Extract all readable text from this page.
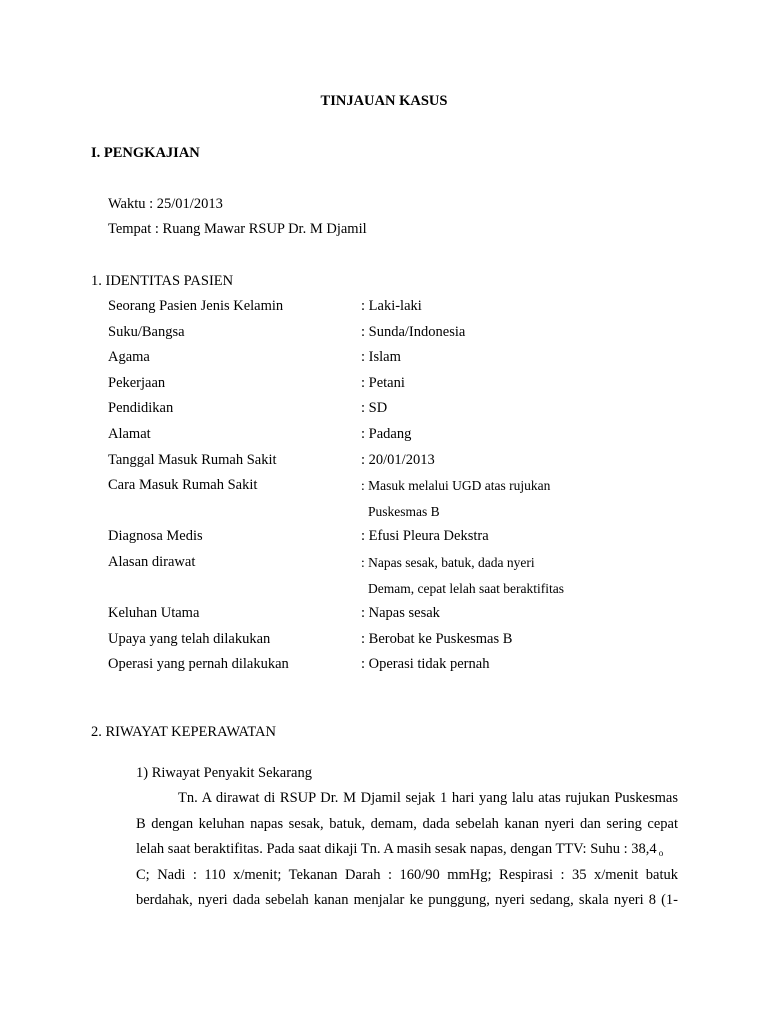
TINJAUAN KASUS
I. PENGKAJIAN
Waktu : 25/01/2013
Tempat : Ruang Mawar RSUP Dr. M Djamil
1. IDENTITAS PASIEN
Seorang Pasien Jenis Kelamin	: Laki-laki
Suku/Bangsa	: Sunda/Indonesia
Agama	: Islam
Pekerjaan	: Petani
Pendidikan	: SD
Alamat	: Padang
Tanggal Masuk Rumah Sakit	: 20/01/2013
Cara Masuk Rumah Sakit	: Masuk melalui UGD atas rujukan
Puskesmas B
Diagnosa Medis	: Efusi Pleura Dekstra
Alasan dirawat	: Napas sesak, batuk, dada nyeri
Demam, cepat lelah saat beraktifitas
Keluhan Utama	: Napas sesak
Upaya yang telah dilakukan	: Berobat ke Puskesmas B
Operasi yang pernah dilakukan	: Operasi tidak pernah
2. RIWAYAT KEPERAWATAN
1) Riwayat Penyakit Sekarang
Tn. A dirawat di RSUP Dr. M Djamil sejak 1 hari yang lalu atas rujukan Puskesmas
B dengan keluhan napas sesak, batuk, demam, dada sebelah kanan nyeri dan sering cepat
lelah saat beraktifitas. Pada saat dikaji Tn. A masih sesak napas, dengan TTV: Suhu : 38,4 $_o$
C; Nadi : 110 x/menit; Tekanan Darah : 160/90 mmHg; Respirasi : 35 x/menit batuk
berdahak, nyeri dada sebelah kanan menjalar ke punggung, nyeri sedang, skala nyeri 8 (1-
